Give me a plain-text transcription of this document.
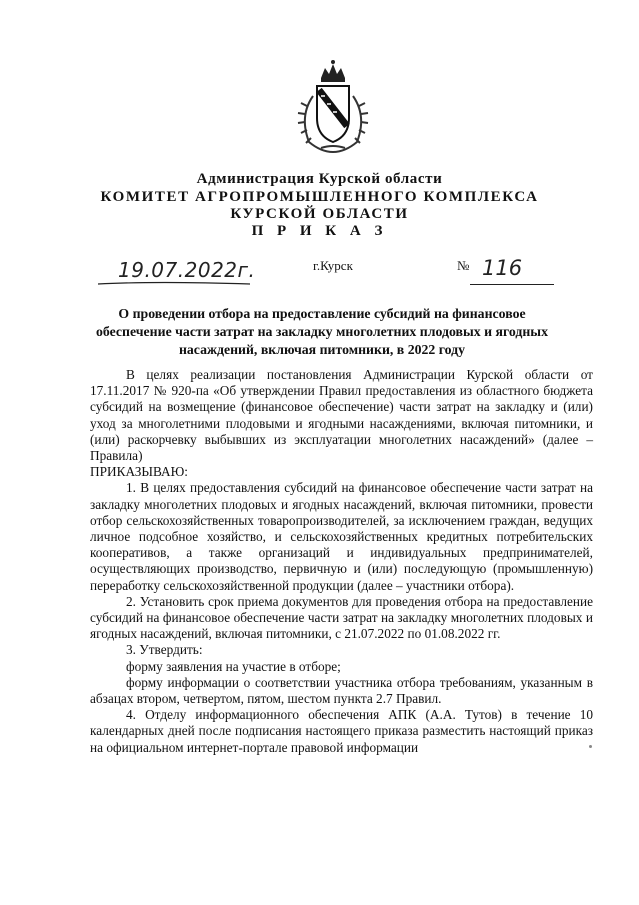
Администрация Курской области
КОМИТЕТ АГРОПРОМЫШЛЕННОГО КОМПЛЕКСА
КУРСКОЙ ОБЛАСТИ
П Р И К А З
19.07.2022г.	г.Курск	№ 116
О проведении отбора на предоставление субсидий на финансовое обеспечение части затрат на закладку многолетних плодовых и ягодных насаждений, включая питомники, в 2022 году

В целях реализации постановления Администрации Курской области от 17.11.2017 № 920-па «Об утверждении Правил предоставления из областного бюджета субсидий на возмещение (финансовое обеспечение) части затрат на закладку и (или) уход за многолетними плодовыми и ягодными насаждениями, включая питомники, и (или) раскорчевку выбывших из эксплуатации многолетних насаждений» (далее –Правила)

ПРИКАЗЫВАЮ:

1. В целях предоставления субсидий на финансовое обеспечение части затрат на закладку многолетних плодовых и ягодных насаждений, включая питомники, провести отбор сельскохозяйственных товаропроизводителей, за исключением граждан, ведущих личное подсобное хозяйство, и сельскохозяйственных кредитных потребительских кооперативов, а также организаций и индивидуальных предпринимателей, осуществляющих производство, первичную и (или) последующую (промышленную) переработку сельскохозяйственной продукции (далее – участники отбора).

2. Установить срок приема документов для проведения отбора на предоставление субсидий на финансовое обеспечение части затрат на закладку многолетних плодовых и ягодных насаждений, включая питомники, с 21.07.2022 по 01.08.2022 гг.

3. Утвердить:

форму заявления на участие в отборе;

форму информации о соответствии участника отбора требованиям, указанным в абзацах втором, четвертом, пятом, шестом пункта 2.7 Правил.

4. Отделу информационного обеспечения АПК (А.А. Тутов) в течение 10 календарных дней после подписания настоящего приказа разместить настоящий приказ на официальном интернет-портале правовой информации
